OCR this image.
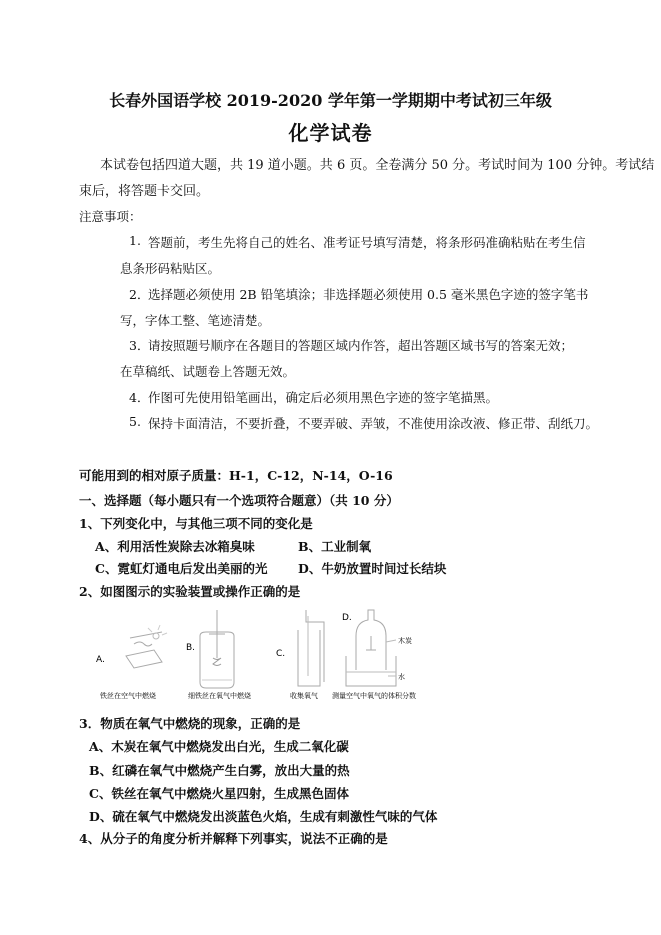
长春外国语学校 2019-2020 学年第一学期期中考试初三年级
化学试卷
本试卷包括四道大题，共 19 道小题。共 6 页。全卷满分 50 分。考试时间为 100 分钟。考试结
束后，将答题卡交回。
注意事项：
1. 答题前，考生先将自己的姓名、准考证号填写清楚，将条形码准确粘贴在考生信
息条形码粘贴区。
2．
选择题必须使用 2B 铅笔填涂；非选择题必须使用 0.5 毫米黑色字迹的签字笔书
写，字体工整、笔迹清楚。
3．
请按照题号顺序在各题目的答题区域内作答，超出答题区域书写的答案无效；
在草稿纸、试题卷上答题无效。
4．
作图可先使用铅笔画出，确定后必须用黑色字迹的签字笔描黑。
5. 保持卡面清洁，不要折叠，不要弄破、弄皱，不准使用涂改液、修正带、刮纸刀。
可能用到的相对原子质量：H-1，C-12，N-14，O-16
一、选择题（每小题只有一个选项符合题意）（共 10 分）
1、下列变化中，与其他三项不同的变化是
A、利用活性炭除去冰箱臭味	B、工业制氧
C、霓虹灯通电后发出美丽的光 D、牛奶放置时间过长结块
2、如图图示的实验装置或操作正确的是
A.
铁丝在空气中燃烧
B.
细铁丝在氧气中燃烧
C.
收集氧气
D.
木炭
水
测量空气中氧气的体积分数
3．物质在氧气中燃烧的现象，正确的是
A、木炭在氧气中燃烧发出白光，生成二氧化碳
B、红磷在氧气中燃烧产生白雾，放出大量的热
C、铁丝在氧气中燃烧火星四射，生成黑色固体
D、硫在氧气中燃烧发出淡蓝色火焰，生成有刺激性气味的气体
4、从分子的角度分析并解释下列事实，说法不正确的是
